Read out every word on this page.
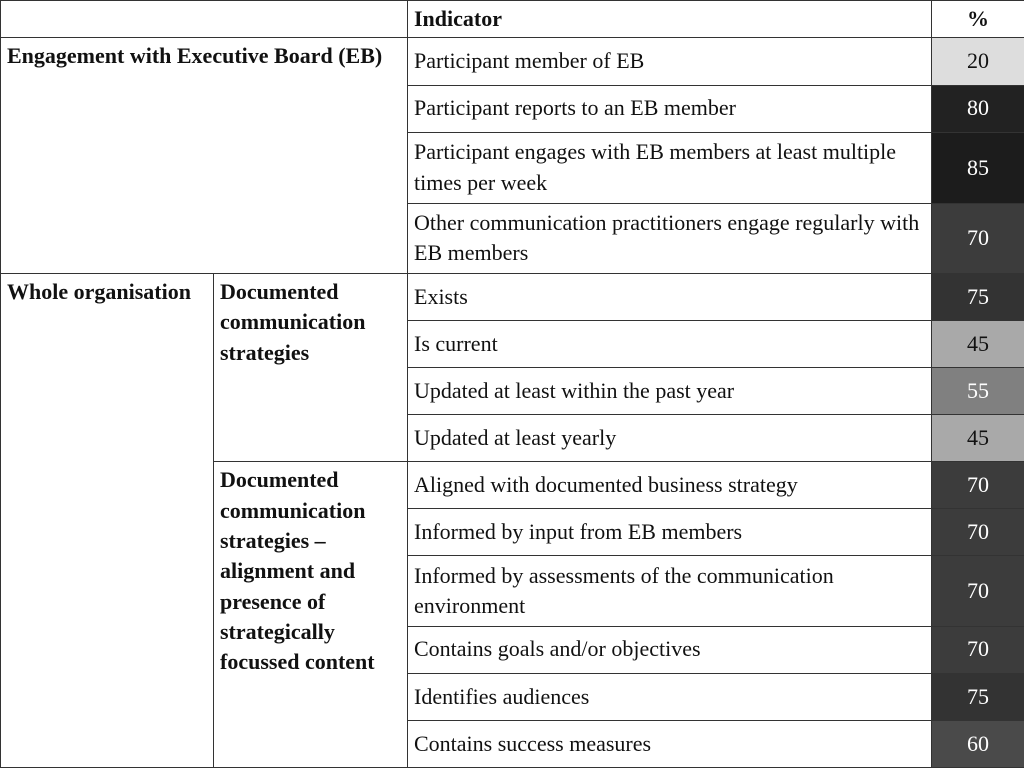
		Indicator	%
Engagement with Executive Board (EB)		Participant member of EB	20
		Participant reports to an EB member	80
		Participant engages with EB members at least multiple times per week	85
		Other communication practitioners engage regularly with EB members	70
Whole organisation	Documented communication strategies	Exists	75
		Is current	45
		Updated at least within the past year	55
		Updated at least yearly	45
	Documented communication strategies – alignment and presence of strategically focussed content	Aligned with documented business strategy	70
		Informed by input from EB members	70
		Informed by assessments of the communication environment	70
		Contains goals and/or objectives	70
		Identifies audiences	75
		Contains success measures	60
